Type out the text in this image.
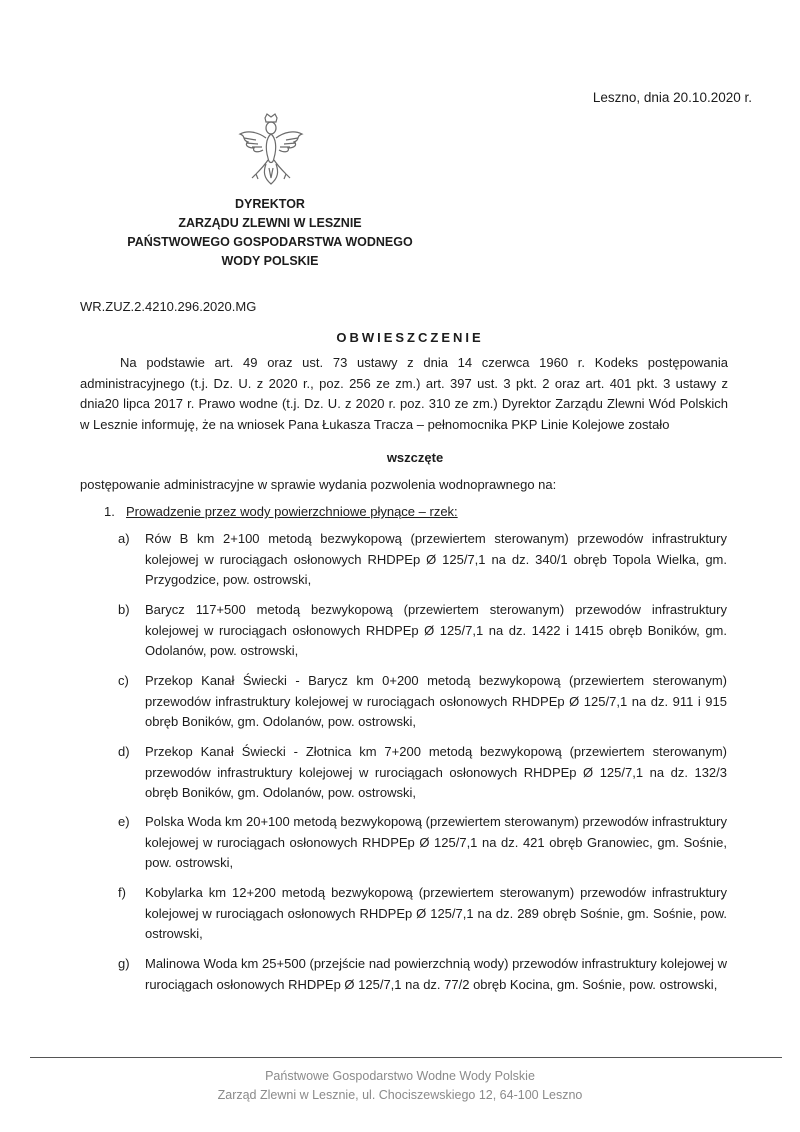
Leszno, dnia 20.10.2020 r.
DYREKTOR
ZARZĄDU ZLEWNI W LESZNIE
PAŃSTWOWEGO GOSPODARSTWA WODNEGO
WODY POLSKIE
WR.ZUZ.2.4210.296.2020.MG
OBWIESZCZENIE
Na podstawie art. 49 oraz ust. 73 ustawy z dnia 14 czerwca 1960 r. Kodeks postępowania administracyjnego (t.j. Dz. U. z 2020 r., poz. 256 ze zm.) art. 397 ust. 3 pkt. 2 oraz art. 401 pkt. 3 ustawy z dnia20 lipca 2017 r. Prawo wodne (t.j. Dz. U. z 2020 r. poz. 310 ze zm.) Dyrektor Zarządu Zlewni Wód Polskich w Lesznie informuję, że na wniosek Pana Łukasza Tracza – pełnomocnika PKP Linie Kolejowe zostało
wszczęte
postępowanie administracyjne w sprawie wydania pozwolenia wodnoprawnego na:
1. Prowadzenie przez wody powierzchniowe płynące – rzek:
a) Rów B km 2+100 metodą bezwykopową (przewiertem sterowanym) przewodów infrastruktury kolejowej w rurociągach osłonowych RHDPEp Ø 125/7,1 na dz. 340/1 obręb Topola Wielka, gm. Przygodzice, pow. ostrowski,
b) Barycz 117+500 metodą bezwykopową (przewiertem sterowanym) przewodów infrastruktury kolejowej w rurociągach osłonowych RHDPEp Ø 125/7,1 na dz. 1422 i 1415 obręb Boników, gm. Odolanów, pow. ostrowski,
c) Przekop Kanał Świecki - Barycz km 0+200 metodą bezwykopową (przewiertem sterowanym) przewodów infrastruktury kolejowej w rurociągach osłonowych RHDPEp Ø 125/7,1 na dz. 911 i 915 obręb Boników, gm. Odolanów, pow. ostrowski,
d) Przekop Kanał Świecki - Złotnica km 7+200 metodą bezwykopową (przewiertem sterowanym) przewodów infrastruktury kolejowej w rurociągach osłonowych RHDPEp Ø 125/7,1 na dz. 132/3 obręb Boników, gm. Odolanów, pow. ostrowski,
e) Polska Woda km 20+100 metodą bezwykopową (przewiertem sterowanym) przewodów infrastruktury kolejowej w rurociągach osłonowych RHDPEp Ø 125/7,1 na dz. 421 obręb Granowiec, gm. Sośnie, pow. ostrowski,
f) Kobylarka km 12+200 metodą bezwykopową (przewiertem sterowanym) przewodów infrastruktury kolejowej w rurociągach osłonowych RHDPEp Ø 125/7,1 na dz. 289 obręb Sośnie, gm. Sośnie, pow. ostrowski,
g) Malinowa Woda km 25+500 (przejście nad powierzchnią wody) przewodów infrastruktury kolejowej w rurociągach osłonowych RHDPEp Ø 125/7,1 na dz. 77/2 obręb Kocina, gm. Sośnie, pow. ostrowski,
Państwowe Gospodarstwo Wodne Wody Polskie
Zarząd Zlewni w Lesznie, ul. Chociszewskiego 12, 64-100 Leszno
